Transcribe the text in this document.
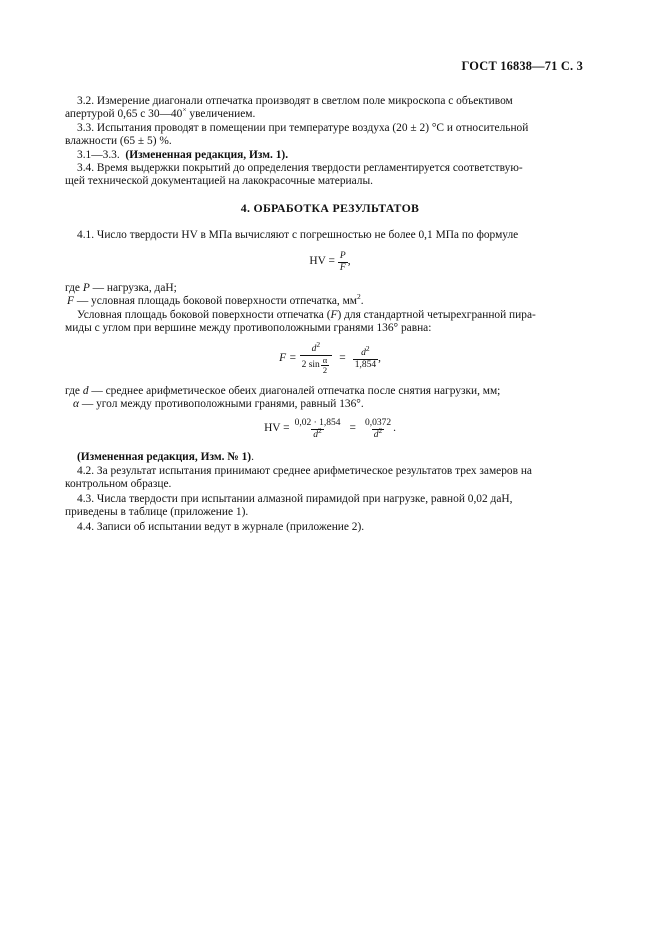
ГОСТ 16838—71 С. 3
3.2. Измерение диагонали отпечатка производят в светлом поле микроскопа с объективом
апертурой 0,65 с 30—40× увеличением.
3.3. Испытания проводят в помещении при температуре воздуха (20 ± 2) °С и относительной
влажности (65 ± 5) %.
3.1—3.3. (Измененная редакция, Изм. 1).
3.4. Время выдержки покрытий до определения твердости регламентируется соответствую-
щей технической документацией на лакокрасочные материалы.
4. ОБРАБОТКА РЕЗУЛЬТАТОВ
4.1. Число твердости HV в МПа вычисляют с погрешностью не более 0,1 МПа по формуле
HV = $\frac{P}{F}$ ,
где P — нагрузка, даН;
F — условная площадь боковой поверхности отпечатка, $мм^2$.
Условная площадь боковой поверхности отпечатка (F) для стандартной четырехгранной пира-
миды с углом при вершине между противоположными гранями 136° равна:
$F = \frac{d^2}{2 \sin \frac{\alpha}{2}} = \frac{d^2}{1,854}$ ,
где d — среднее арифметическое обеих диагоналей отпечатка после снятия нагрузки, мм;
α — угол между противоположными гранями, равный 136°.
HV = $\frac{0,02 \cdot 1,854}{d^2} = \frac{0,0372}{d^2}$ .
(Измененная редакция, Изм. № 1).
4.2. За результат испытания принимают среднее арифметическое результатов трех замеров на
контрольном образце.
4.3. Числа твердости при испытании алмазной пирамидой при нагрузке, равной 0,02 даН,
приведены в таблице (приложение 1).
4.4. Записи об испытании ведут в журнале (приложение 2).
